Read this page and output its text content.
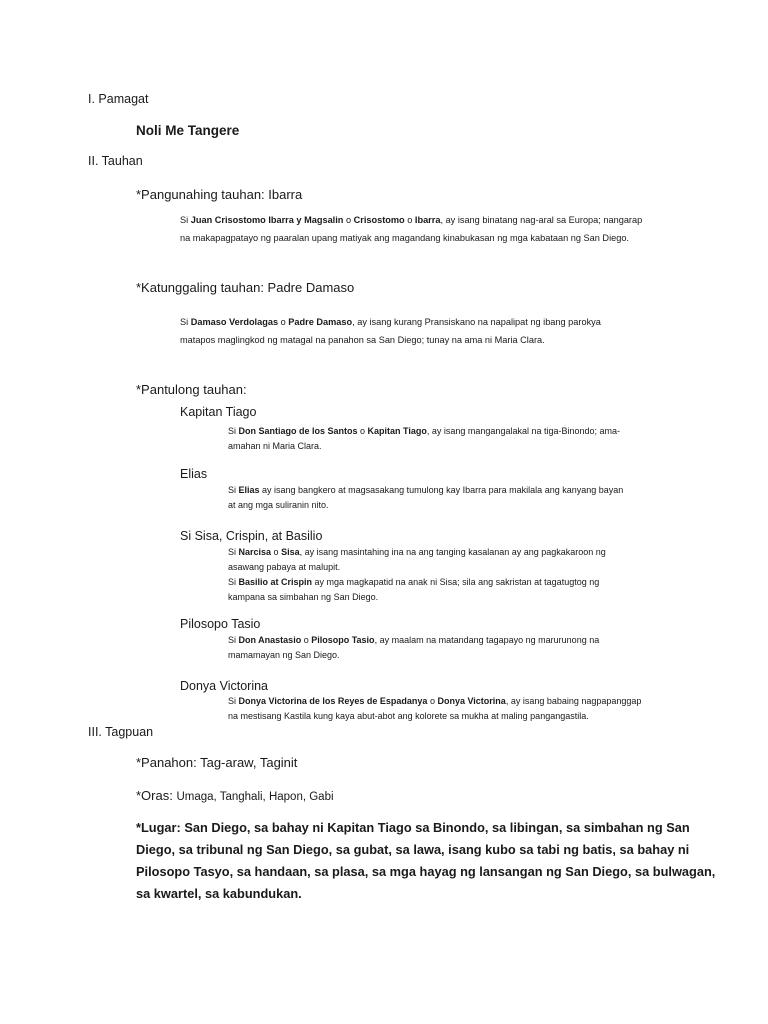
I. Pamagat
Noli Me Tangere
II. Tauhan
*Pangunahing tauhan: Ibarra
Si Juan Crisostomo Ibarra y Magsalin o Crisostomo o Ibarra, ay isang binatang nag-aral sa Europa; nangarap
na makapagpatayo ng paaralan upang matiyak ang magandang kinabukasan ng mga kabataan ng San Diego.
*Katunggaling tauhan: Padre Damaso
Si Damaso Verdolagas o Padre Damaso, ay isang kurang Pransiskano na napalipat ng ibang parokya
matapos maglingkod ng matagal na panahon sa San Diego; tunay na ama ni Maria Clara.
*Pantulong tauhan:
Kapitan Tiago
Si Don Santiago de los Santos o Kapitan Tiago, ay isang mangangalakal na tiga-Binondo; ama-
amahan ni Maria Clara.
Elias
Si Elias ay isang bangkero at magsasakang tumulong kay Ibarra para makilala ang kanyang bayan
at ang mga suliranin nito.
Si Sisa, Crispin, at Basilio
Si Narcisa o Sisa, ay isang masintahing ina na ang tanging kasalanan ay ang pagkakaroon ng
asawang pabaya at malupit.
Si Basilio at Crispin ay mga magkapatid na anak ni Sisa; sila ang sakristan at tagatugtog ng
kampana sa simbahan ng San Diego.
Pilosopo Tasio
Si Don Anastasio o Pilosopo Tasio, ay maalam na matandang tagapayo ng marurunong na
mamamayan ng San Diego.
Donya Victorina
Si Donya Victorina de los Reyes de Espadanya o Donya Victorina, ay isang babaing nagpapanggap
na mestisang Kastila kung kaya abut-abot ang kolorete sa mukha at maling pangangastila.
III. Tagpuan
*Panahon: Tag-araw, Taginit
*Oras: Umaga, Tanghali, Hapon, Gabi
*Lugar: San Diego, sa bahay ni Kapitan Tiago sa Binondo, sa libingan, sa simbahan ng San
Diego, sa tribunal ng San Diego, sa gubat, sa lawa, isang kubo sa tabi ng batis, sa bahay ni
Pilosopo Tasyo, sa handaan, sa plasa, sa mga hayag ng lansangan ng San Diego, sa bulwagan,
sa kwartel, sa kabundukan.
